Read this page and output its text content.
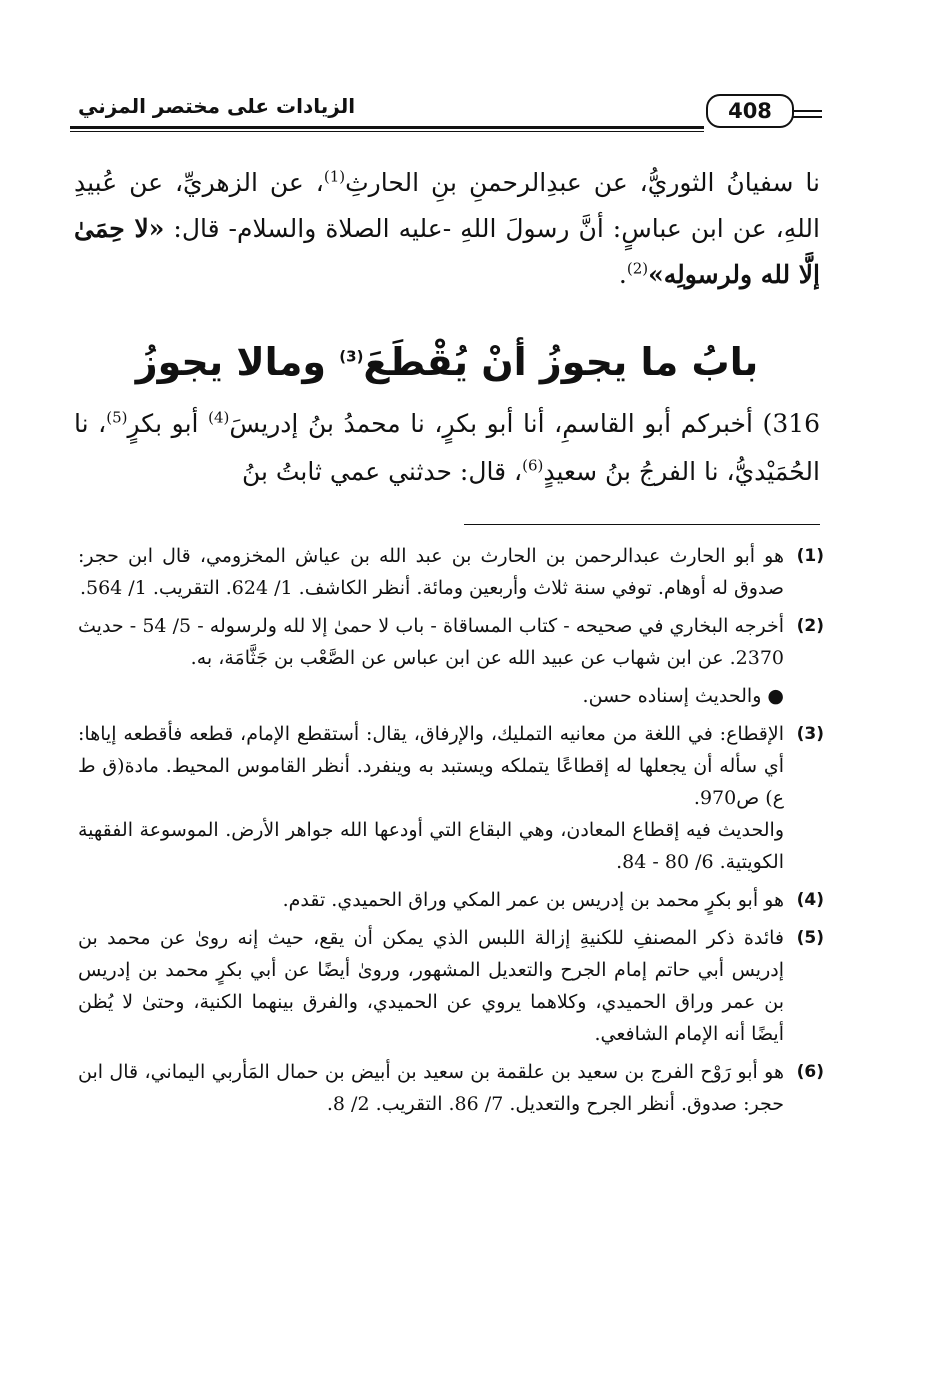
408
الزيادات على مختصر المزني

نا سفيانُ الثوريُّ، عن عبدِالرحمنِ بنِ الحارثِ$^{(1)}$، عن الزهريِّ، عن عُبيدِ اللهِ، عن ابن عباسٍ: أنَّ رسولَ اللهِ -عليه الصلاة والسلام- قال: «لا حِمَىٰ إلَّا لله ولرسولِه»$^{(2)}$.

بابُ ما يجوزُ أنْ يُقْطَعَ$^{(3)}$ ومالا يجوزُ

316) أخبركم أبو القاسمِ، أنا أبو بكرٍ، نا محمدُ بنُ إدريسَ$^{(4)}$ أبو بكرٍ$^{(5)}$، نا الحُمَيْديُّ، نا الفرجُ بنُ سعيدٍ$^{(6)}$، قال: حدثني عمي ثابتُ بنُ

(1)

هو أبو الحارث عبدالرحمن بن الحارث بن عبد الله بن عياش المخزومي، قال ابن حجر: صدوق له أوهام. توفي سنة ثلاث وأربعين ومائة. أنظر الكاشف. 1/ 624. التقريب. 1/ 564.

(2)

أخرجه البخاري في صحيحه - كتاب المساقاة - باب لا حمىٰ إلا لله ولرسوله - 5/ 54 - حديث 2370. عن ابن شهاب عن عبيد الله عن ابن عباس عن الصَّعْب بن جَثَّامَة، به.

● والحديث إسناده حسن.

(3)

الإقطاع: في اللغة من معانيه التمليك، والإرفاق، يقال: أستقطع الإمام، قطعه فأقطعه إياها: أي سأله أن يجعلها له إقطاعًا يتملكه ويستبد به وينفرد. أنظر القاموس المحيط. مادة(ق ط ع) ص970.

والحديث فيه إقطاع المعادن، وهي البقاع التي أودعها الله جواهر الأرض. الموسوعة الفقهية الكويتية. 6/ 80 - 84.

(4)

هو أبو بكرٍ محمد بن إدريس بن عمر المكي وراق الحميدي. تقدم.

(5)

فائدة ذكر المصنفِ للكنيةِ إزالة اللبس الذي يمكن أن يقع، حيث إنه روىٰ عن محمد بن إدريس أبي حاتم إمام الجرح والتعديل المشهور، وروىٰ أيضًا عن أبي بكرٍ محمد بن إدريس بن عمر وراق الحميدي، وكلاهما يروي عن الحميدي، والفرق بينهما الكنية، وحتىٰ لا يُظن أيضًا أنه الإمام الشافعي.

(6)

هو أبو رَوْح الفرج بن سعيد بن علقمة بن سعيد بن أبيض بن حمال المَأربي اليماني، قال ابن حجر: صدوق. أنظر الجرح والتعديل. 7/ 86. التقريب. 2/ 8.
